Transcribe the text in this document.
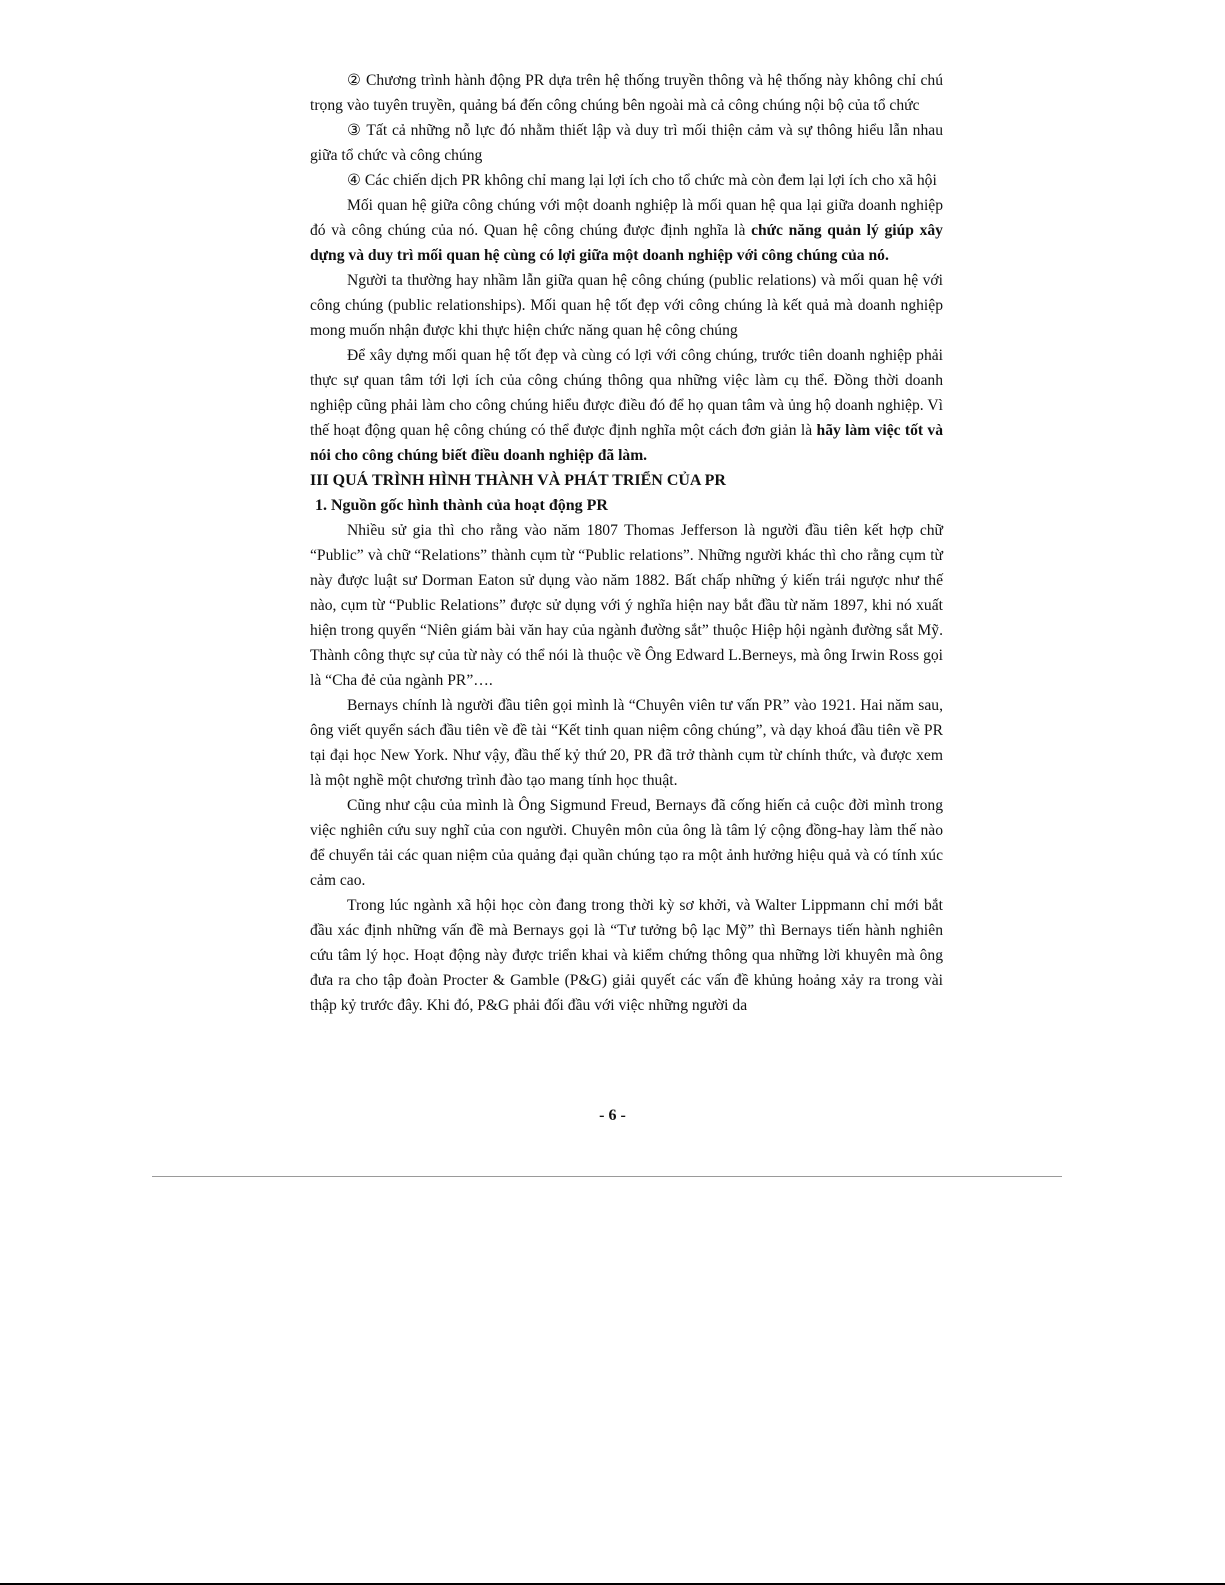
② Chương trình hành động PR dựa trên hệ thống truyền thông và hệ thống này không chỉ chú trọng vào tuyên truyền, quảng bá đến công chúng bên ngoài mà cả công chúng nội bộ của tổ chức

③ Tất cả những nỗ lực đó nhằm thiết lập và duy trì mối thiện cảm và sự thông hiểu lẫn nhau giữa tổ chức và công chúng

④ Các chiến dịch PR không chỉ mang lại lợi ích cho tổ chức mà còn đem lại lợi ích cho xã hội

Mối quan hệ giữa công chúng với một doanh nghiệp là mối quan hệ qua lại giữa doanh nghiệp đó và công chúng của nó. Quan hệ công chúng được định nghĩa là chức năng quản lý giúp xây dựng và duy trì mối quan hệ cùng có lợi giữa một doanh nghiệp với công chúng của nó.

Người ta thường hay nhầm lẫn giữa quan hệ công chúng (public relations) và mối quan hệ với công chúng (public relationships). Mối quan hệ tốt đẹp với công chúng là kết quả mà doanh nghiệp mong muốn nhận được khi thực hiện chức năng quan hệ công chúng

Để xây dựng mối quan hệ tốt đẹp và cùng có lợi với công chúng, trước tiên doanh nghiệp phải thực sự quan tâm tới lợi ích của công chúng thông qua những việc làm cụ thể. Đồng thời doanh nghiệp cũng phải làm cho công chúng hiểu được điều đó để họ quan tâm và ủng hộ doanh nghiệp. Vì thế hoạt động quan hệ công chúng có thể được định nghĩa một cách đơn giản là hãy làm việc tốt và nói cho công chúng biết điều doanh nghiệp đã làm.

III QUÁ TRÌNH HÌNH THÀNH VÀ PHÁT TRIỂN CỦA PR
1. Nguồn gốc hình thành của hoạt động PR

Nhiều sử gia thì cho rằng vào năm 1807 Thomas Jefferson là người đầu tiên kết hợp chữ “Public” và chữ “Relations” thành cụm từ “Public relations”. Những người khác thì cho rằng cụm từ này được luật sư Dorman Eaton sử dụng vào năm 1882. Bất chấp những ý kiến trái ngược như thế nào, cụm từ “Public Relations” được sử dụng với ý nghĩa hiện nay bắt đầu từ năm 1897, khi nó xuất hiện trong quyển “Niên giám bài văn hay của ngành đường sắt” thuộc Hiệp hội ngành đường sắt Mỹ. Thành công thực sự của từ này có thể nói là thuộc về Ông Edward L.Berneys, mà ông Irwin Ross gọi là “Cha đẻ của ngành PR”….

Bernays chính là người đầu tiên gọi mình là “Chuyên viên tư vấn PR” vào 1921. Hai năm sau, ông viết quyển sách đầu tiên về đề tài “Kết tinh quan niệm công chúng”, và dạy khoá đầu tiên về PR tại đại học New York. Như vậy, đầu thế kỷ thứ 20, PR đã trở thành cụm từ chính thức, và được xem là một nghề một chương trình đào tạo mang tính học thuật.

Cũng như cậu của mình là Ông Sigmund Freud, Bernays đã cống hiến cả cuộc đời mình trong việc nghiên cứu suy nghĩ của con người. Chuyên môn của ông là tâm lý cộng đồng-hay làm thế nào để chuyển tải các quan niệm của quảng đại quần chúng tạo ra một ảnh hưởng hiệu quả và có tính xúc cảm cao.

Trong lúc ngành xã hội học còn đang trong thời kỳ sơ khởi, và Walter Lippmann chỉ mới bắt đầu xác định những vấn đề mà Bernays gọi là “Tư tưởng bộ lạc Mỹ” thì Bernays tiến hành nghiên cứu tâm lý học. Hoạt động này được triển khai và kiểm chứng thông qua những lời khuyên mà ông đưa ra cho tập đoàn Procter & Gamble (P&G) giải quyết các vấn đề khủng hoảng xảy ra trong vài thập kỷ trước đây. Khi đó, P&G phải đối đầu với việc những người da

- 6 -
